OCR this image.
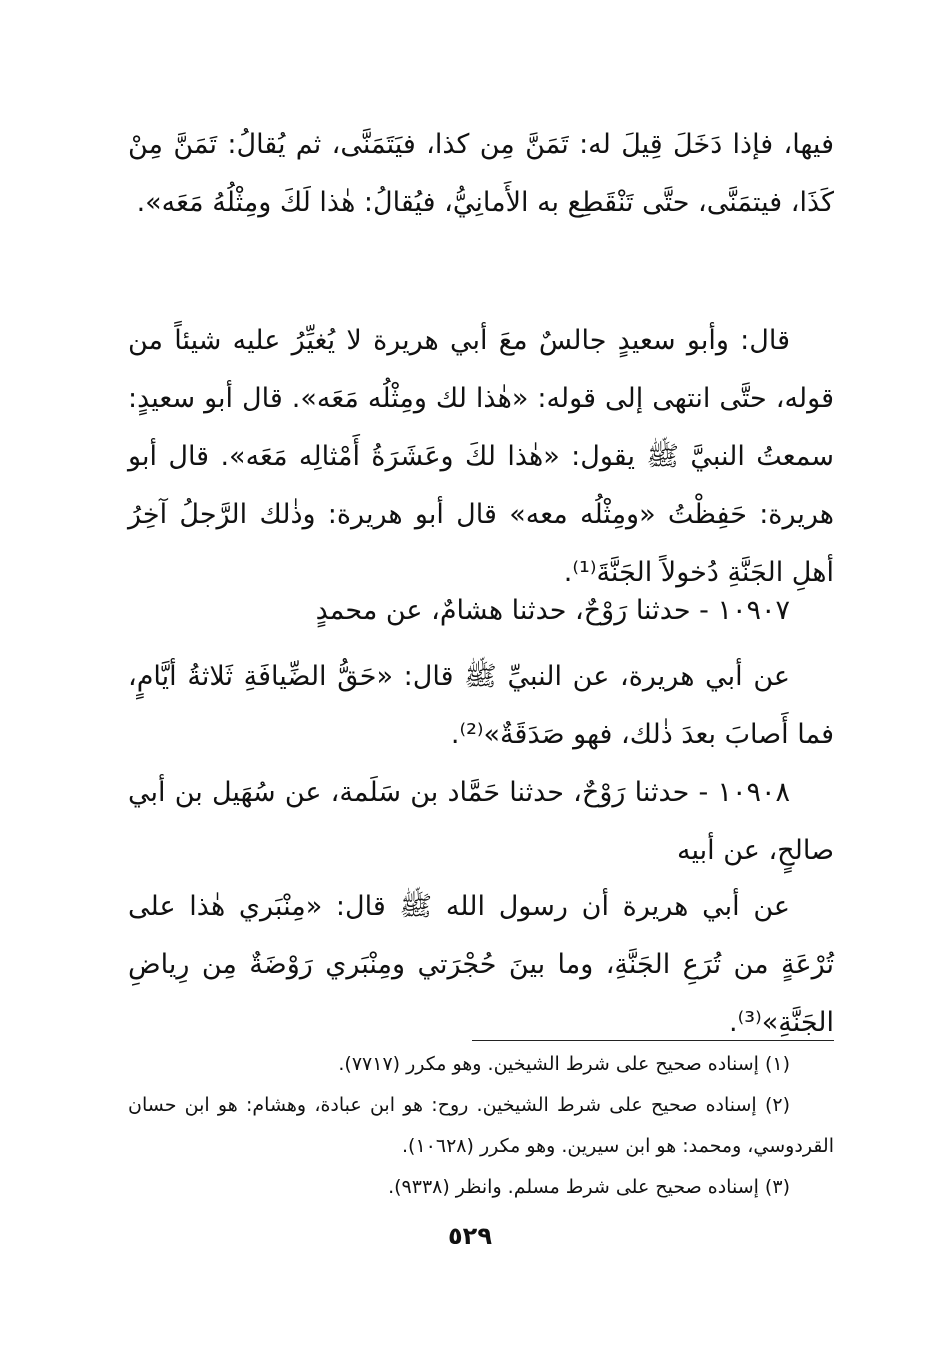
فيها، فإذا دَخَلَ قِيلَ له: تَمَنَّ مِن كذا، فيَتَمَنَّى، ثم يُقالُ: تَمَنَّ مِنْ كَذَا، فيتمَنَّى، حتَّى تَنْقَطِع به الأَمانِيُّ، فيُقالُ: هٰذا لَكَ ومِثْلُهُ مَعَه».

قال: وأبو سعيدٍ جالسٌ معَ أبي هريرة لا يُغيِّرُ عليه شيئاً من قوله، حتَّى انتهى إلى قوله: «هٰذا لك ومِثْلُه مَعَه». قال أبو سعيدٍ: سمعتُ النبيَّ ﷺ يقول: «هٰذا لكَ وعَشَرَةُ أَمْثالِه مَعَه». قال أبو هريرة: حَفِظْتُ «ومِثْلُه معه» قال أبو هريرة: وذٰلك الرَّجلُ آخِرُ أهلِ الجَنَّةِ دُخولاً الجَنَّةَ⁽¹⁾.

١٠٩٠٧ - حدثنا رَوْحٌ، حدثنا هشامٌ، عن محمدٍ

عن أبي هريرة، عن النبيِّ ﷺ قال: «حَقُّ الضِّيافَةِ ثَلاثةُ أيَّامٍ، فما أَصابَ بعدَ ذٰلك، فهو صَدَقَةٌ»⁽²⁾.

١٠٩٠٨ - حدثنا رَوْحٌ، حدثنا حَمَّاد بن سَلَمة، عن سُهَيل بن أبي صالحٍ، عن أبيه

عن أبي هريرة أن رسول الله ﷺ قال: «مِنْبَري هٰذا على تُرْعَةٍ من تُرَعِ الجَنَّةِ، وما بينَ حُجْرَتي ومِنْبَري رَوْضَةٌ مِن رِياضِ الجَنَّةِ»⁽³⁾.

(١) إسناده صحيح على شرط الشيخين. وهو مكرر (٧٧١٧).

(٢) إسناده صحيح على شرط الشيخين. روح: هو ابن عبادة، وهشام: هو ابن حسان القردوسي، ومحمد: هو ابن سيرين. وهو مكرر (١٠٦٢٨).

(٣) إسناده صحيح على شرط مسلم. وانظر (٩٣٣٨).

٥٢٩
